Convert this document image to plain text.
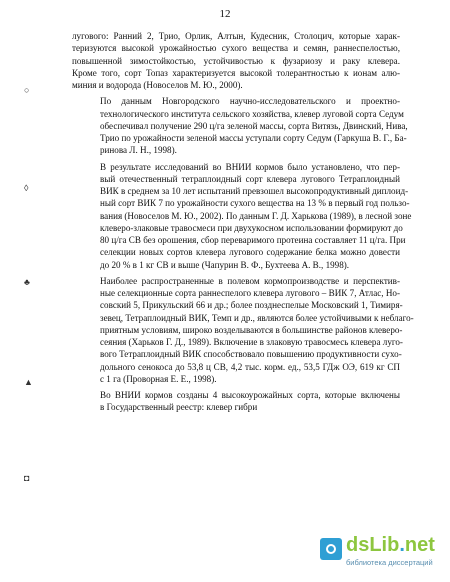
12
○
◊
♣
▲
◘

лугового: Ранний 2, Трио, Орлик, Алтын, Кудесник, Столоцич, которые харак-
теризуются высокой урожайностью сухого вещества и семян, раннеспелостью,
повышенной зимостойкостью, устойчивостью к фузариозу и раку клевера.
Кроме того, сорт Топаз характеризуется высокой толерантностью к ионам алю-
миния и водорода (Новоселов М. Ю., 2000).

По данным Новгородского научно-исследовательского и проектно-
технологического института сельского хозяйства, клевер луговой сорта Седум
обеспечивал получение 290 ц/га зеленой массы, сорта Витязь, Двинский, Нива,
Трио по урожайности зеленой массы уступали сорту Седум (Гаркуша В. Г., Ба-
ринова Л. Н., 1998).

В результате исследований во ВНИИ кормов было установлено, что пер-
вый отечественный тетраплоидный сорт клевера лугового Тетраплоидный
ВИК в среднем за 10 лет испытаний превзошел высокопродуктивный диплоид-
ный сорт ВИК 7 по урожайности сухого вещества на 13 % в первый год пользо-
вания (Новоселов М. Ю., 2002). По данным Г. Д. Харькова (1989), в лесной зоне
клеверо-злаковые травосмеси при двухукосном использовании формируют до
80 ц/га СВ без орошения, сбор переваримого протеина составляет 11 ц/га. При
селекции новых сортов клевера лугового содержание белка можно довести
до 20 % в 1 кг СВ и выше (Чапурин В. Ф., Бухтеева А. В., 1998).

Наиболее распространенные в полевом кормопроизводстве и перспектив-
ные селекционные сорта раннеспелого клевера лугового – ВИК 7, Атлас, Но-
совский 5, Прикульский 66 и др.; более позднеспелые Московский 1, Тимиря-
зевец, Тетраплоидный ВИК, Темп и др., являются более устойчивыми к неблаго-
приятным условиям, широко возделываются в большинстве районов клеверо-
сеяния (Харьков Г. Д., 1989). Включение в злаковую травосмесь клевера луго-
вого Тетраплоидный ВИК способствовало повышению продуктивности сухо-
дольного сенокоса до 53,8 ц СВ, 4,2 тыс. корм. ед., 53,5 ГДж ОЭ, 619 кг СП
с 1 га (Проворная Е. Е., 1998).

Во ВНИИ кормов созданы 4 высокоурожайных сорта, которые включены
в Государственный реестр: клевер гибри

dsLib.net
библиотека диссертаций
